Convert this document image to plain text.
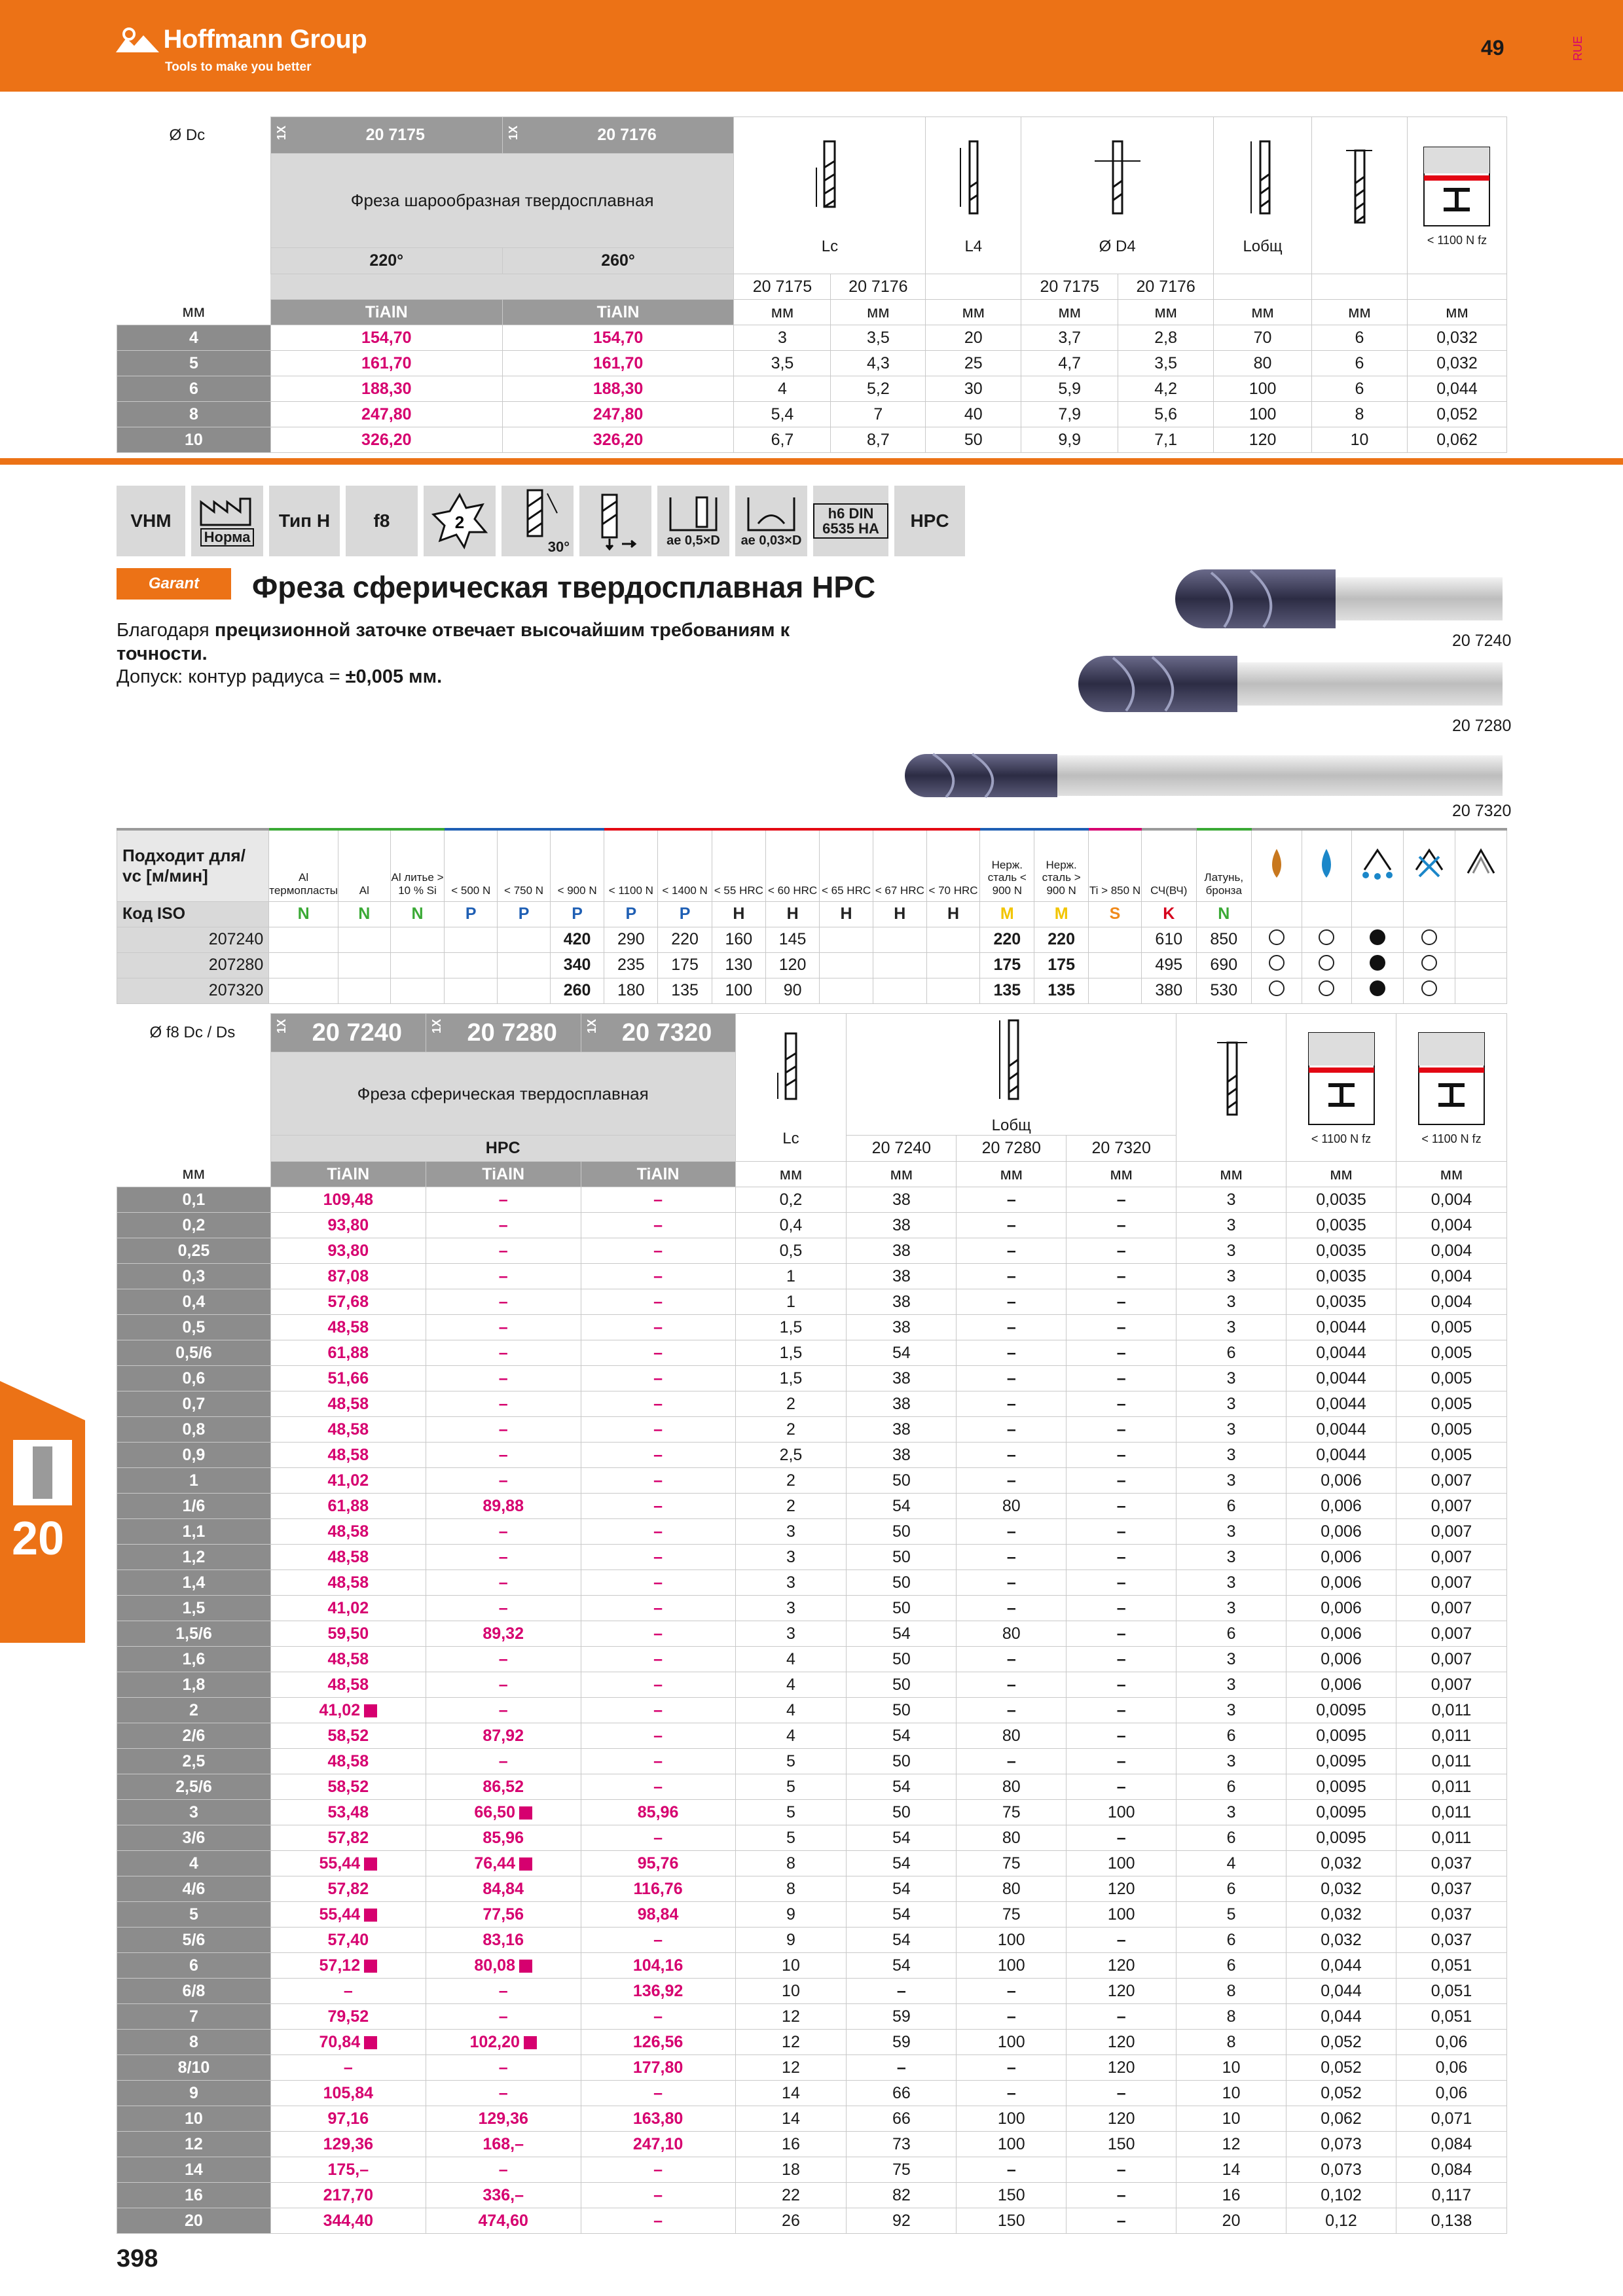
Hoffmann Group
Tools to make you better
49	RUE
Ø Dc	1X 20 7175	1X 20 7176	Lc		L4	Ø D4		Lобщ		< 1100 N fz

	Фреза шарообразная твердосплавная									
	220°	260°								
			20 7175	20 7176		20 7175	20 7176			
мм	TiAlN	TiAlN	мм	мм	мм	мм	мм	мм	мм	мм
4	154,70	154,70	3	3,5	20	3,7	2,8	70	6	0,032
5	161,70	161,70	3,5	4,3	25	4,7	3,5	80	6	0,032
6	188,30	188,30	4	5,2	30	5,9	4,2	100	6	0,044
8	247,80	247,80	5,4	7	40	7,9	5,6	100	8	0,052
10	326,20	326,20	6,7	8,7	50	9,9	7,1	120	10	0,062
VHM
Норма
Тип H	f8	2
30°	ae 0,5×D ae 0,03×D
h6 DIN 6535 HA	HPC
Garant	Фреза сферическая твердосплавная HPC
Благодаря прецизионной заточке отвечает высочайшим требованиям к точности.
Допуск: контур радиуса = ±0,005 мм.
20 7240
20 7280
20 7320
Подходит для/ vc [м/мин]	Al термопласты	Al	Al литье > 10 % Si	< 500 N	< 750 N	< 900 N	< 1100 N	< 1400 N	< 55 HRC	< 60 HRC	< 65 HRC	< 67 HRC	< 70 HRC	Нерж. сталь < 900 N	Нерж. сталь > 900 N	Ti > 850 N	СЧ(ВЧ)	Латунь, бронза					
Код ISO	N	N	N	P	P	P	P	P	H	H	H	H	H	M	M	S	K	N					
207240						420	290	220	160	145				220	220		610	850					
207280						340	235	175	130	120				175	175		495	690					
207320						260	180	135	100	90				135	135		380	530					
Ø f8 Dc / Ds	1X 20 7240	1X 20 7280	1X 20 7320	Lc	Lобщ				< 1100 N fz	< 1100 N fz

	Фреза сферическая твердосплавная									
	HPC				20 7240	20 7280	20 7320			
мм	TiAlN	TiAlN	TiAlN	мм	мм	мм	мм	мм	мм	мм
0,1	109,48	–	–	0,2	38	–	–	3	0,0035	0,004
0,2	93,80	–	–	0,4	38	–	–	3	0,0035	0,004
0,25	93,80	–	–	0,5	38	–	–	3	0,0035	0,004
0,3	87,08	–	–	1	38	–	–	3	0,0035	0,004
0,4	57,68	–	–	1	38	–	–	3	0,0035	0,004
0,5	48,58	–	–	1,5	38	–	–	3	0,0044	0,005
0,5/6	61,88	–	–	1,5	54	–	–	6	0,0044	0,005
0,6	51,66	–	–	1,5	38	–	–	3	0,0044	0,005
0,7	48,58	–	–	2	38	–	–	3	0,0044	0,005
0,8	48,58	–	–	2	38	–	–	3	0,0044	0,005
0,9	48,58	–	–	2,5	38	–	–	3	0,0044	0,005
1	41,02	–	–	2	50	–	–	3	0,006	0,007
1/6	61,88	89,88	–	2	54	80	–	6	0,006	0,007
1,1	48,58	–	–	3	50	–	–	3	0,006	0,007
1,2	48,58	–	–	3	50	–	–	3	0,006	0,007
1,4	48,58	–	–	3	50	–	–	3	0,006	0,007
1,5	41,02	–	–	3	50	–	–	3	0,006	0,007
1,5/6	59,50	89,32	–	3	54	80	–	6	0,006	0,007
1,6	48,58	–	–	4	50	–	–	3	0,006	0,007
1,8	48,58	–	–	4	50	–	–	3	0,006	0,007
2	41,02	–	–	4	50	–	–	3	0,0095	0,011
2/6	58,52	87,92	–	4	54	80	–	6	0,0095	0,011
2,5	48,58	–	–	5	50	–	–	3	0,0095	0,011
2,5/6	58,52	86,52	–	5	54	80	–	6	0,0095	0,011
3	53,48	66,50	85,96	5	50	75	100	3	0,0095	0,011
3/6	57,82	85,96	–	5	54	80	–	6	0,0095	0,011
4	55,44	76,44	95,76	8	54	75	100	4	0,032	0,037
4/6	57,82	84,84	116,76	8	54	80	120	6	0,032	0,037
5	55,44	77,56	98,84	9	54	75	100	5	0,032	0,037
5/6	57,40	83,16	–	9	54	100	–	6	0,032	0,037
6	57,12	80,08	104,16	10	54	100	120	6	0,044	0,051
6/8	–	–	136,92	10	–	–	120	8	0,044	0,051
7	79,52	–	–	12	59	–	–	8	0,044	0,051
8	70,84	102,20	126,56	12	59	100	120	8	0,052	0,06
8/10	–	–	177,80	12	–	–	120	10	0,052	0,06
9	105,84	–	–	14	66	–	–	10	0,052	0,06
10	97,16	129,36	163,80	14	66	100	120	10	0,062	0,071
12	129,36	168,–	247,10	16	73	100	150	12	0,073	0,084
14	175,–	–	–	18	75	–	–	14	0,073	0,084
16	217,70	336,–	–	22	82	150	–	16	0,102	0,117
20	344,40	474,60	–	26	92	150	–	20	0,12	0,138
20
398
